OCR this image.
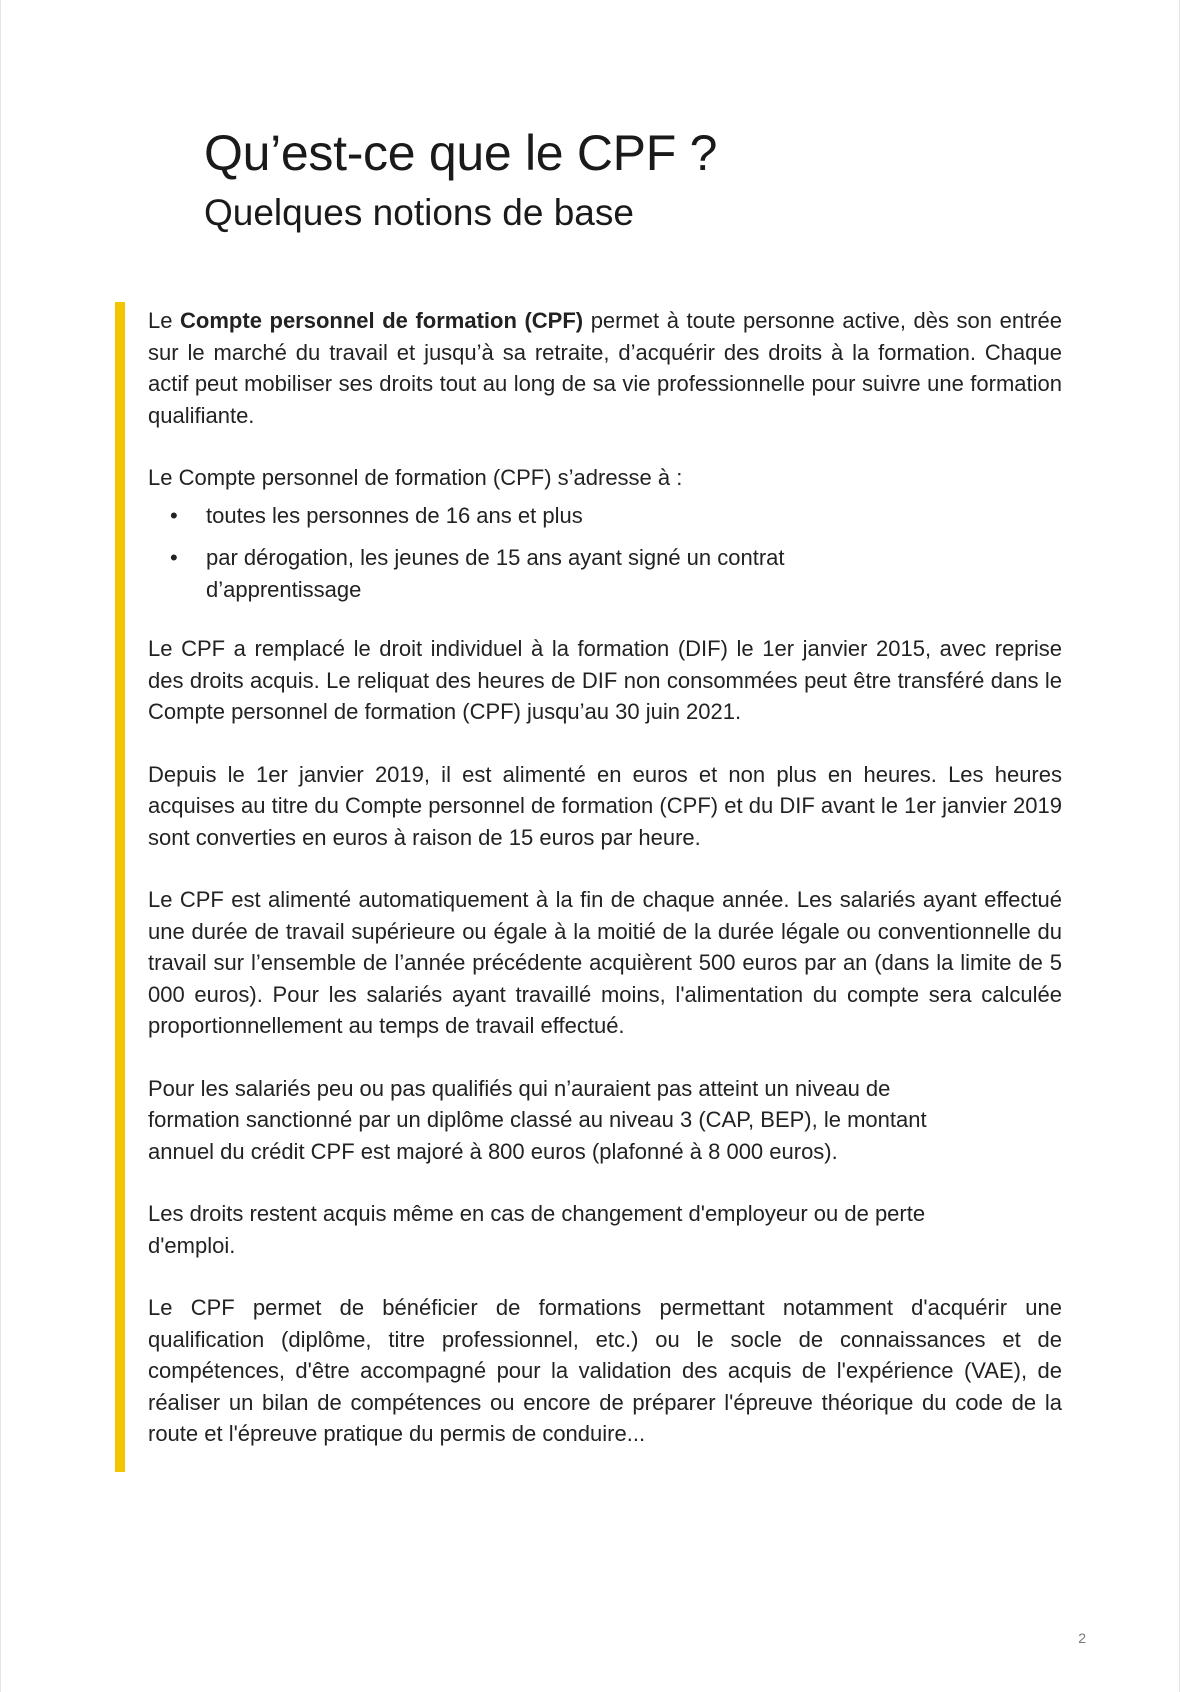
Qu’est-ce que le CPF ?
Quelques notions de base

Le Compte personnel de formation (CPF) permet à toute personne active, dès son entrée sur le marché du travail et jusqu’à sa retraite, d’acquérir des droits à la formation. Chaque actif peut mobiliser ses droits tout au long de sa vie professionnelle pour suivre une formation qualifiante.

Le Compte personnel de formation (CPF) s’adresse à :

• toutes les personnes de 16 ans et plus
• par dérogation, les jeunes de 15 ans ayant signé un contrat d’apprentissage

Le CPF a remplacé le droit individuel à la formation (DIF) le 1er janvier 2015, avec reprise des droits acquis. Le reliquat des heures de DIF non consommées peut être transféré dans le Compte personnel de formation (CPF) jusqu’au 30 juin 2021.

Depuis le 1er janvier 2019, il est alimenté en euros et non plus en heures. Les heures acquises au titre du Compte personnel de formation (CPF) et du DIF avant le 1er janvier 2019 sont converties en euros à raison de 15 euros par heure.

Le CPF est alimenté automatiquement à la fin de chaque année. Les salariés ayant effectué une durée de travail supérieure ou égale à la moitié de la durée légale ou conventionnelle du travail sur l’ensemble de l’année précédente acquièrent 500 euros par an (dans la limite de 5 000 euros). Pour les salariés ayant travaillé moins, l'alimentation du compte sera calculée proportionnellement au temps de travail effectué.

Pour les salariés peu ou pas qualifiés qui n’auraient pas atteint un niveau de formation sanctionné par un diplôme classé au niveau 3 (CAP, BEP), le montant annuel du crédit CPF est majoré à 800 euros (plafonné à 8 000 euros).

Les droits restent acquis même en cas de changement d'employeur ou de perte d'emploi.

Le CPF permet de bénéficier de formations permettant notamment d'acquérir une qualification (diplôme, titre professionnel, etc.) ou le socle de connaissances et de compétences, d'être accompagné pour la validation des acquis de l'expérience (VAE), de réaliser un bilan de compétences ou encore de préparer l'épreuve théorique du code de la route et l'épreuve pratique du permis de conduire...

2
